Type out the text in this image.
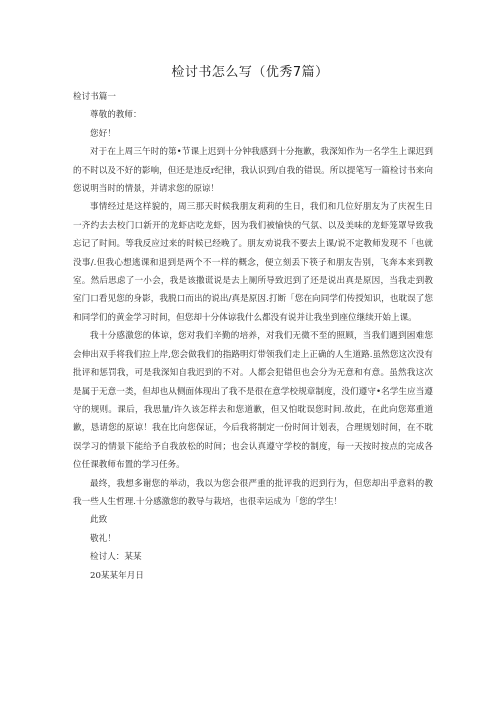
检讨书怎么写（优秀7篇）

检讨书篇一

尊敬的教师：

您好！

对于在上周三午时的第•节课上迟到十分钟我感到十分拖歉，我深知作为一名学生上课迟到的不时以及不好的影响，但还是违反r纪律，我认识到/自我的错误。所以提笔写一篇检讨书来向您说明当时的情景，并请求您的原谅！

事情经过是这样貌的，周三那天时候我朋友莉莉的生日，我们和几位好朋友为了庆祝生日一齐约去去校门口新开的龙虾店吃龙虾，因为我们被愉快的气氛、以及美味的龙虾笼罩导致我忘记了时间。等我反应过来的时候已经晚了。朋友劝说我不要去上课/说不定教师发现不「也就没事/.但我心想逃课和退到是两个不一样的概念，便立刻丢下筷子和朋友告别，飞奔本来到教室。然后思虑了一小会，我是该撒谎说是去上厕所导致迟到了还是说出真是原因，当我走到教室门口看见您的身影，我脱口而出的说出/真是原因.打断「您在向同学们传授知识，也耽误了您和同学们的黄金学习时间，但您却十分体谅我什么都没有说并让我坐到座位继续开始上课。

我十分感激您的体谅，您对我们辛勤的培养，对我们无微不至的照顾，当我们遇到困难您会伸出双手将我们拉上岸,您会做我们的指路明灯带领我们走上正确的人生道路.虽然您这次没有批评和惩罚我，可是我深知自我迟到的不对。人都会犯错但也会分为无意和有意。虽然我这次是属于无意一类，但却也从侧面体现出了我不是很在意学校规章制度，没们遵守•名学生应当遵守的规则。课后，我思量/许久该怎样去和您道歉，但又怕耽误您时间.故此，在此向您郑重道歉，恳请您的原谅！我在比向您保证，今后我将制定一份时间计划表，合理规划时间，在不耽误学习的情景下能给予自我放松的时间；也会认真遵守学校的制度，每一天按时按点的完成各位任课教师布置的学习任务。

最终，我想多谢您的举动，我以为您会很严重的批评我的迟到行为，但您却出乎意料的教我一些人生哲理.十分感激您的教导与栽培，也很幸运成为「您的学生！

此致

敬礼！

检讨人：某某

20某某年月日
